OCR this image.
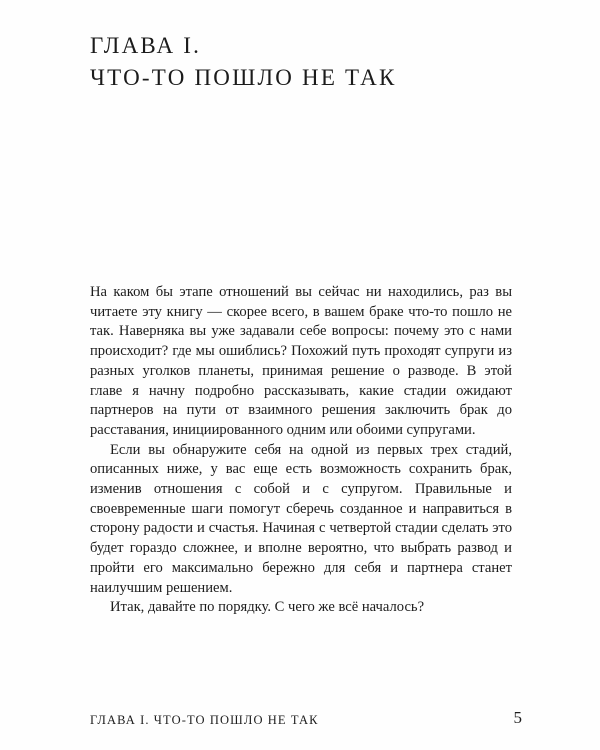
ГЛАВА I.
ЧТО-ТО ПОШЛО НЕ ТАК

На каком бы этапе отношений вы сейчас ни находились, раз вы читаете эту книгу — скорее всего, в вашем браке что-то пошло не так. Наверняка вы уже задавали себе вопросы: почему это с нами происходит? где мы ошиблись? Похожий путь проходят супруги из разных уголков планеты, принимая решение о разводе. В этой главе я начну подробно рассказывать, какие стадии ожидают партнеров на пути от взаимного решения заключить брак до расставания, инициированного одним или обоими супругами.

Если вы обнаружите себя на одной из первых трех стадий, описанных ниже, у вас еще есть возможность сохранить брак, изменив отношения с собой и с супругом. Правильные и своевременные шаги помогут сберечь созданное и направиться в сторону радости и счастья. Начиная с четвертой стадии сделать это будет гораздо сложнее, и вполне вероятно, что выбрать развод и пройти его максимально бережно для себя и партнера станет наилучшим решением.

Итак, давайте по порядку. С чего же всё началось?

ГЛАВА I. ЧТО-ТО ПОШЛО НЕ ТАК	5
